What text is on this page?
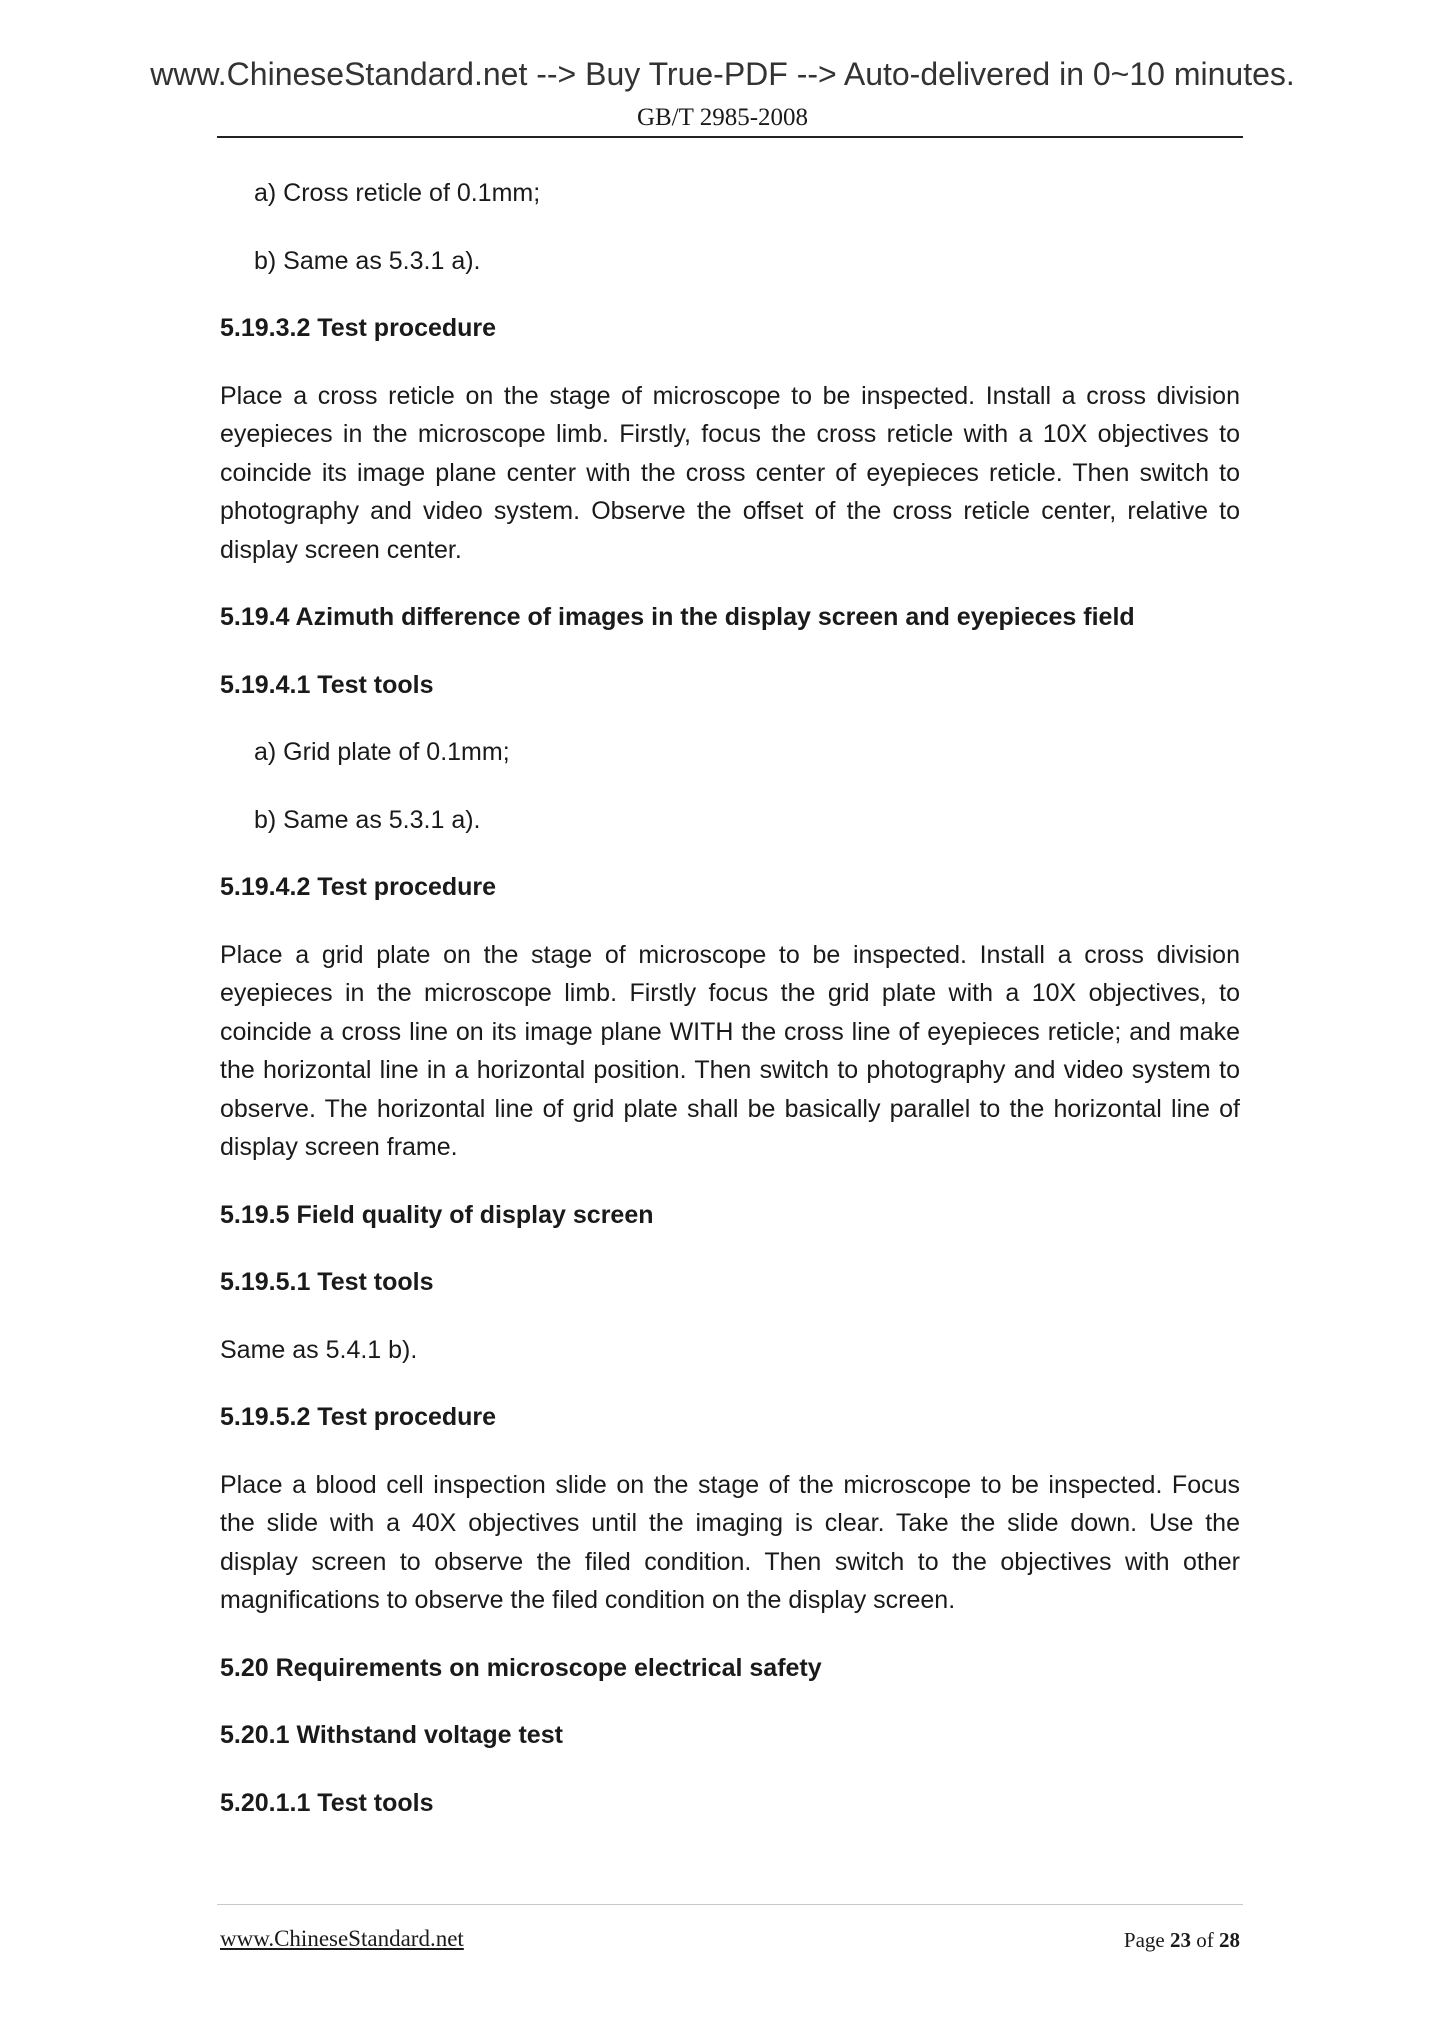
www.ChineseStandard.net --> Buy True-PDF --> Auto-delivered in 0~10 minutes.
GB/T 2985-2008

a) Cross reticle of 0.1mm;

b) Same as 5.3.1 a).

5.19.3.2 Test procedure

Place a cross reticle on the stage of microscope to be inspected. Install a cross division eyepieces in the microscope limb. Firstly, focus the cross reticle with a 10X objectives to coincide its image plane center with the cross center of eyepieces reticle. Then switch to photography and video system. Observe the offset of the cross reticle center, relative to display screen center.

5.19.4 Azimuth difference of images in the display screen and eyepieces field

5.19.4.1 Test tools

a) Grid plate of 0.1mm;

b) Same as 5.3.1 a).

5.19.4.2 Test procedure

Place a grid plate on the stage of microscope to be inspected. Install a cross division eyepieces in the microscope limb. Firstly focus the grid plate with a 10X objectives, to coincide a cross line on its image plane WITH the cross line of eyepieces reticle; and make the horizontal line in a horizontal position. Then switch to photography and video system to observe. The horizontal line of grid plate shall be basically parallel to the horizontal line of display screen frame.

5.19.5 Field quality of display screen

5.19.5.1 Test tools

Same as 5.4.1 b).

5.19.5.2 Test procedure

Place a blood cell inspection slide on the stage of the microscope to be inspected. Focus the slide with a 40X objectives until the imaging is clear. Take the slide down. Use the display screen to observe the filed condition. Then switch to the objectives with other magnifications to observe the filed condition on the display screen.

5.20 Requirements on microscope electrical safety

5.20.1 Withstand voltage test

5.20.1.1 Test tools

www.ChineseStandard.net	Page 23 of 28
